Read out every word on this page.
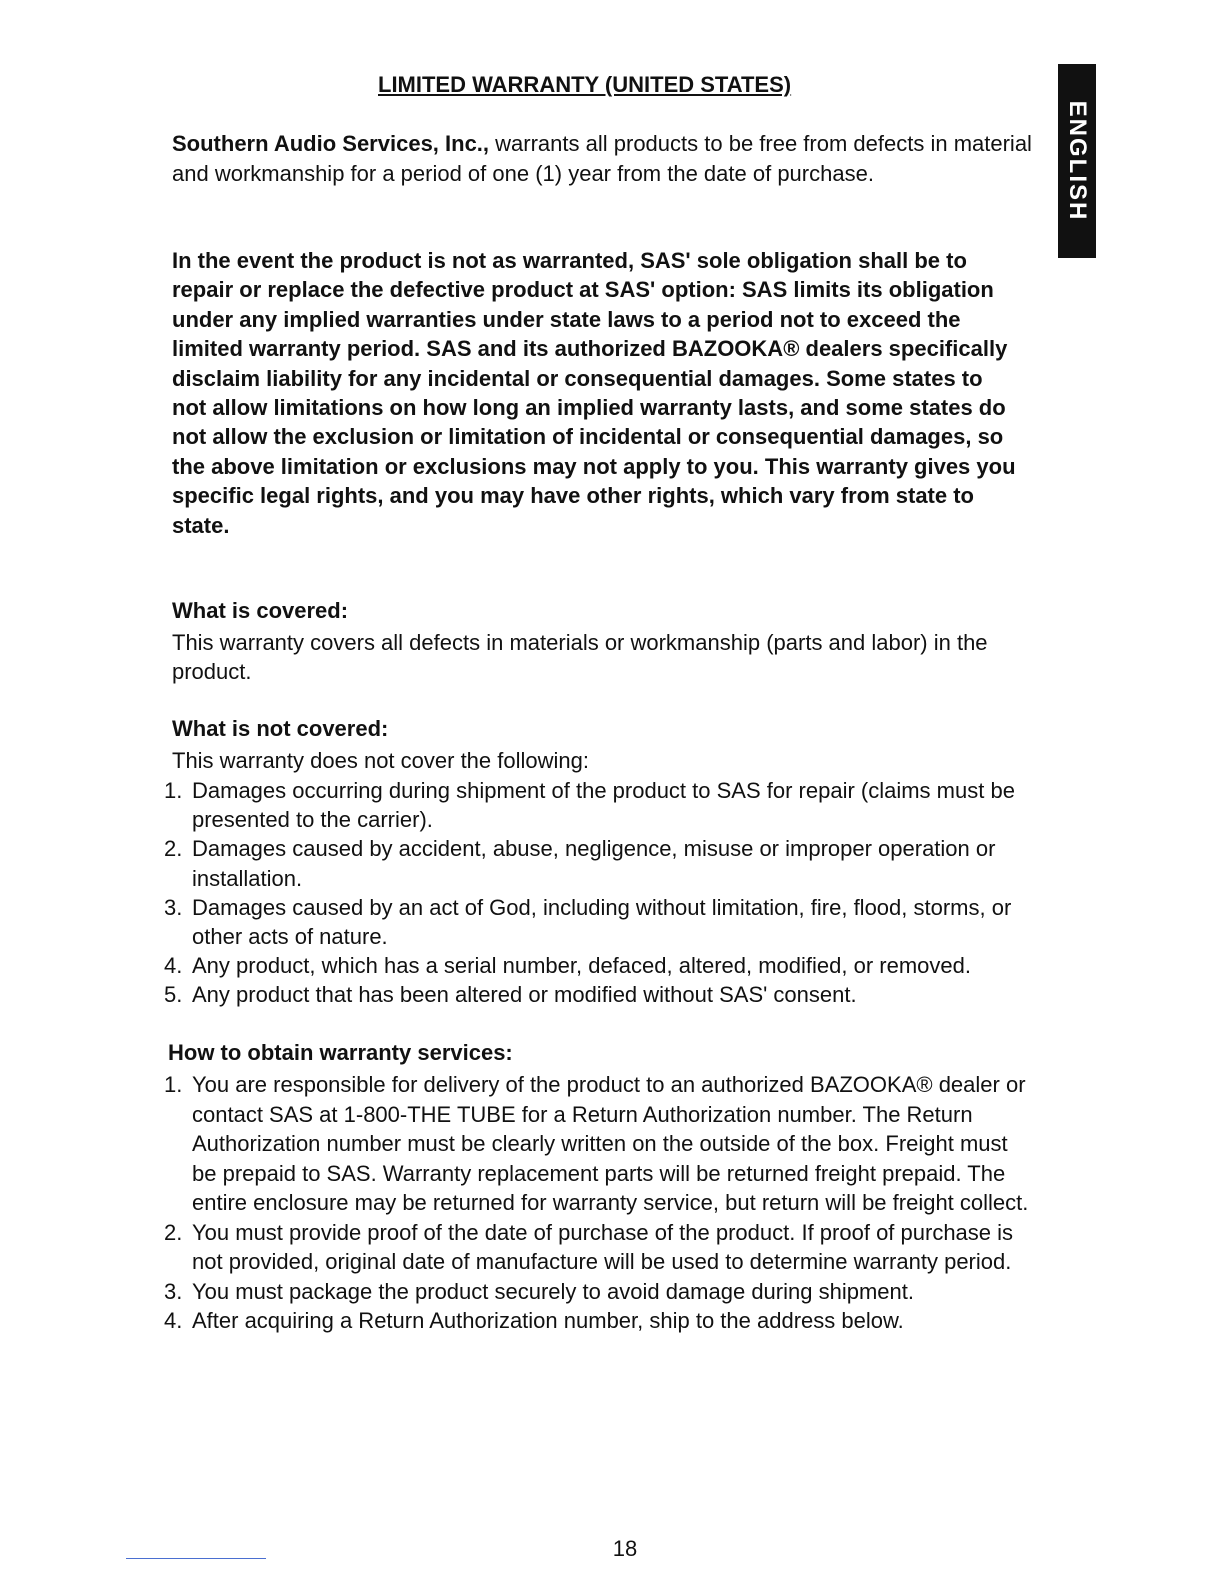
LIMITED WARRANTY (UNITED STATES)
ENGLISH
Southern Audio Services, Inc., warrants all products to be free from defects in material and workmanship for a period of one (1) year from the date of purchase.
In the event the product is not as warranted, SAS' sole obligation shall be to repair or replace the defective product at SAS' option: SAS limits its obligation under any implied warranties under state laws to a period not to exceed the limited warranty period. SAS and its authorized BAZOOKA® dealers specifically disclaim liability for any incidental or consequential damages. Some states to not allow limitations on how long an implied warranty lasts, and some states do not allow the exclusion or limitation of incidental or consequential damages, so the above limitation or exclusions may not apply to you. This warranty gives you specific legal rights, and you may have other rights, which vary from state to state.
What is covered:
This warranty covers all defects in materials or workmanship (parts and labor) in the product.
What is not covered:
This warranty does not cover the following:
1. Damages occurring during shipment of the product to SAS for repair (claims must be presented to the carrier).
2. Damages caused by accident, abuse, negligence, misuse or improper operation or installation.
3. Damages caused by an act of God, including without limitation, fire, flood, storms, or other acts of nature.
4. Any product, which has a serial number, defaced, altered, modified, or removed.
5. Any product that has been altered or modified without SAS' consent.
How to obtain warranty services:
1. You are responsible for delivery of the product to an authorized BAZOOKA® dealer or contact SAS at 1-800-THE TUBE for a Return Authorization number. The Return Authorization number must be clearly written on the outside of the box. Freight must be prepaid to SAS. Warranty replacement parts will be returned freight prepaid. The entire enclosure may be returned for warranty service, but return will be freight collect.
2. You must provide proof of the date of purchase of the product. If proof of purchase is not provided, original date of manufacture will be used to determine warranty period.
3. You must package the product securely to avoid damage during shipment.
4. After acquiring a Return Authorization number, ship to the address below.
18
